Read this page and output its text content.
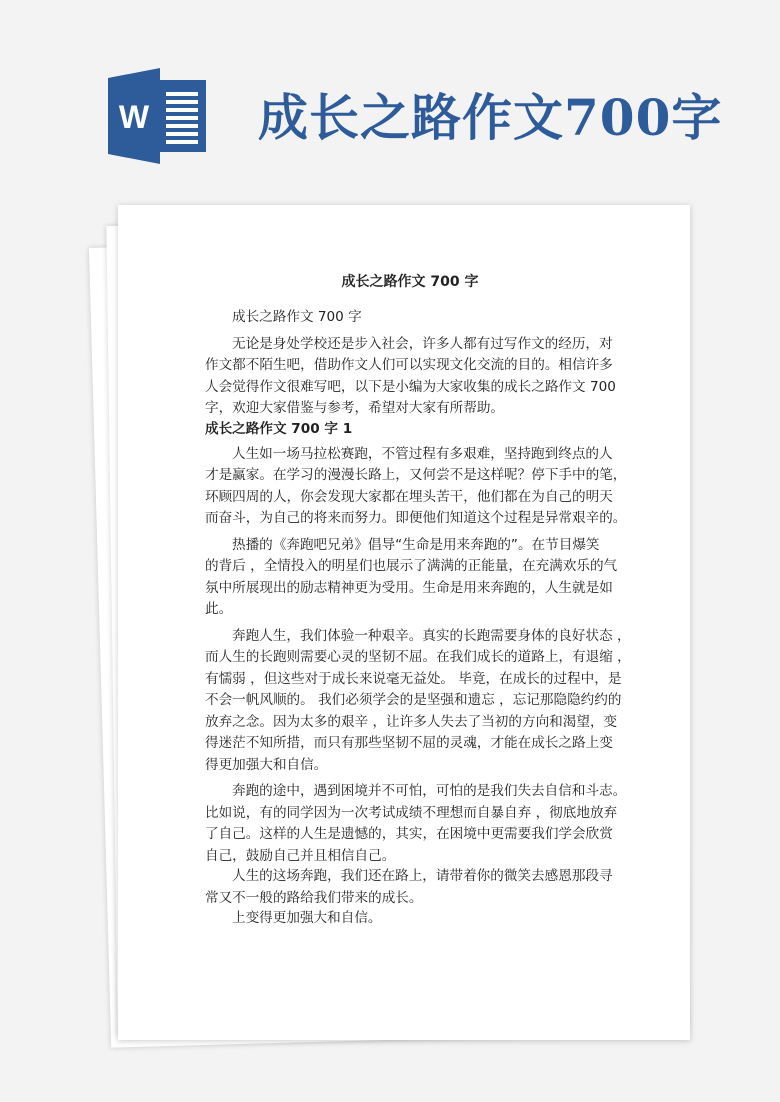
W 成长之路作文700字
成长之路作文 700 字
成长之路作文 700 字
无论是身处学校还是步入社会，许多人都有过写作文的经历，对
作文都不陌生吧，借助作文人们可以实现文化交流的目的。相信许多
人会觉得作文很难写吧，以下是小编为大家收集的成长之路作文 700
字，欢迎大家借鉴与参考，希望对大家有所帮助。
成长之路作文 700 字 1
人生如一场马拉松赛跑，不管过程有多艰难，坚持跑到终点的人
才是赢家。在学习的漫漫长路上，又何尝不是这样呢？停下手中的笔，
环顾四周的人，你会发现大家都在埋头苦干，他们都在为自己的明天
而奋斗，为自己的将来而努力。即便他们知道这个过程是异常艰辛的。
热播的《奔跑吧兄弟》倡导“生命是用来奔跑的”。在节目爆笑
的背后 ，全情投入的明星们也展示了满满的正能量，在充满欢乐的气
氛中所展现出的励志精神更为受用。生命是用来奔跑的，人生就是如
此。
奔跑人生，我们体验一种艰辛。真实的长跑需要身体的良好状态 ，
而人生的长跑则需要心灵的坚韧不屈。在我们成长的道路上，有退缩 ，
有懦弱 ，但这些对于成长来说毫无益处。 毕竟，在成长的过程中，是
不会一帆风顺的。 我们必须学会的是坚强和遗忘 ，忘记那隐隐约约的
放弃之念。因为太多的艰辛 ，让许多人失去了当初的方向和渴望，变
得迷茫不知所措，而只有那些坚韧不屈的灵魂，才能在成长之路上变
得更加强大和自信。
奔跑的途中，遇到困境并不可怕，可怕的是我们失去自信和斗志。
比如说，有的同学因为一次考试成绩不理想而自暴自弃 ，彻底地放弃
了自己。这样的人生是遗憾的，其实，在困境中更需要我们学会欣赏
自己，鼓励自己并且相信自己。
人生的这场奔跑，我们还在路上，请带着你的微笑去感恩那段寻
常又不一般的路给我们带来的成长。
上变得更加强大和自信。
